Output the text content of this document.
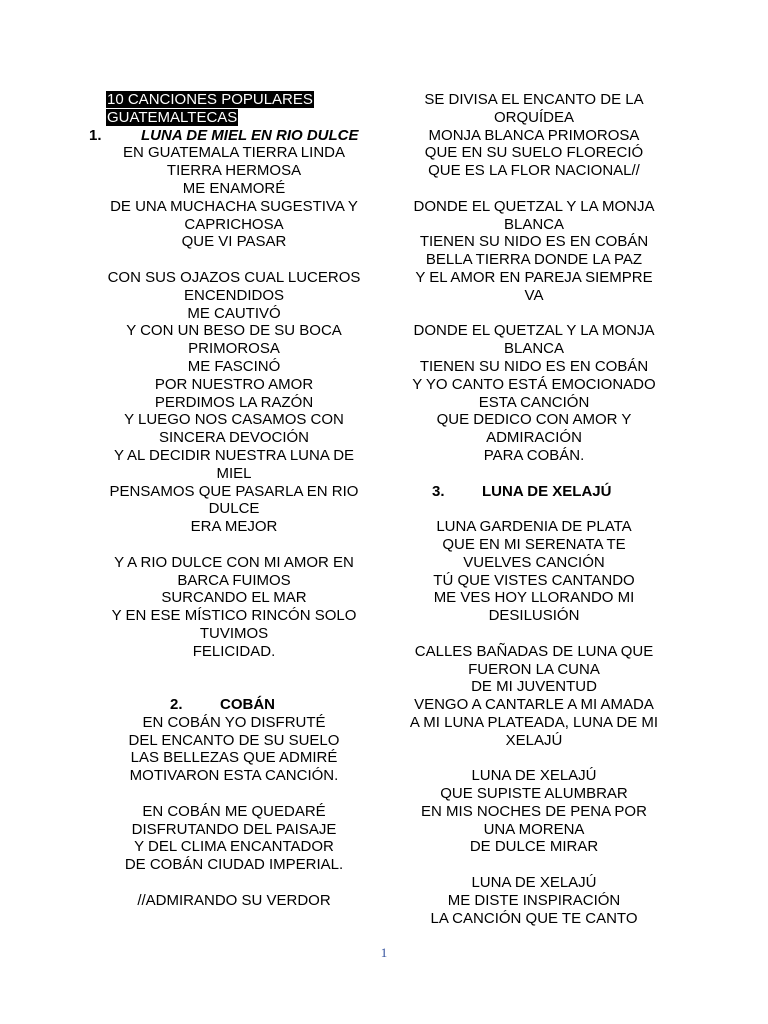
10 CANCIONES POPULARES
GUATEMALTECAS
1.	LUNA DE MIEL EN RIO DULCE
EN GUATEMALA TIERRA LINDA
TIERRA HERMOSA
ME ENAMORÉ
DE UNA MUCHACHA SUGESTIVA Y
CAPRICHOSA
QUE VI PASAR
CON SUS OJAZOS CUAL LUCEROS
ENCENDIDOS
ME CAUTIVÓ
Y CON UN BESO DE SU BOCA
PRIMOROSA
ME FASCINÓ
POR NUESTRO AMOR
PERDIMOS LA RAZÓN
Y LUEGO NOS CASAMOS CON
SINCERA DEVOCIÓN
Y AL DECIDIR NUESTRA LUNA DE
MIEL
PENSAMOS QUE PASARLA EN RIO
DULCE
ERA MEJOR
Y A RIO DULCE CON MI AMOR EN
BARCA FUIMOS
SURCANDO EL MAR
Y EN ESE MÍSTICO RINCÓN SOLO
TUVIMOS
FELICIDAD.
2.	COBÁN
EN COBÁN YO DISFRUTÉ
DEL ENCANTO DE SU SUELO
LAS BELLEZAS QUE ADMIRÉ
MOTIVARON ESTA CANCIÓN.
EN COBÁN ME QUEDARÉ
DISFRUTANDO DEL PAISAJE
Y DEL CLIMA ENCANTADOR
DE COBÁN CIUDAD IMPERIAL.
//ADMIRANDO SU VERDOR
SE DIVISA EL ENCANTO DE LA
ORQUÍDEA
MONJA BLANCA PRIMOROSA
QUE EN SU SUELO FLORECIÓ
QUE ES LA FLOR NACIONAL//
DONDE EL QUETZAL Y LA MONJA
BLANCA
TIENEN SU NIDO ES EN COBÁN
BELLA TIERRA DONDE LA PAZ
Y EL AMOR EN PAREJA SIEMPRE
VA
DONDE EL QUETZAL Y LA MONJA
BLANCA
TIENEN SU NIDO ES EN COBÁN
Y YO CANTO ESTÁ EMOCIONADO
ESTA CANCIÓN
QUE DEDICO CON AMOR Y
ADMIRACIÓN
PARA COBÁN.
3.	LUNA DE XELAJÚ
LUNA GARDENIA DE PLATA
QUE EN MI SERENATA TE
VUELVES CANCIÓN
TÚ QUE VISTES CANTANDO
ME VES HOY LLORANDO MI
DESILUSIÓN
CALLES BAÑADAS DE LUNA QUE
FUERON LA CUNA
DE MI JUVENTUD
VENGO A CANTARLE A MI AMADA
A MI LUNA PLATEADA, LUNA DE MI
XELAJÚ
LUNA DE XELAJÚ
QUE SUPISTE ALUMBRAR
EN MIS NOCHES DE PENA POR
UNA MORENA
DE DULCE MIRAR
LUNA DE XELAJÚ
ME DISTE INSPIRACIÓN
LA CANCIÓN QUE TE CANTO
1
